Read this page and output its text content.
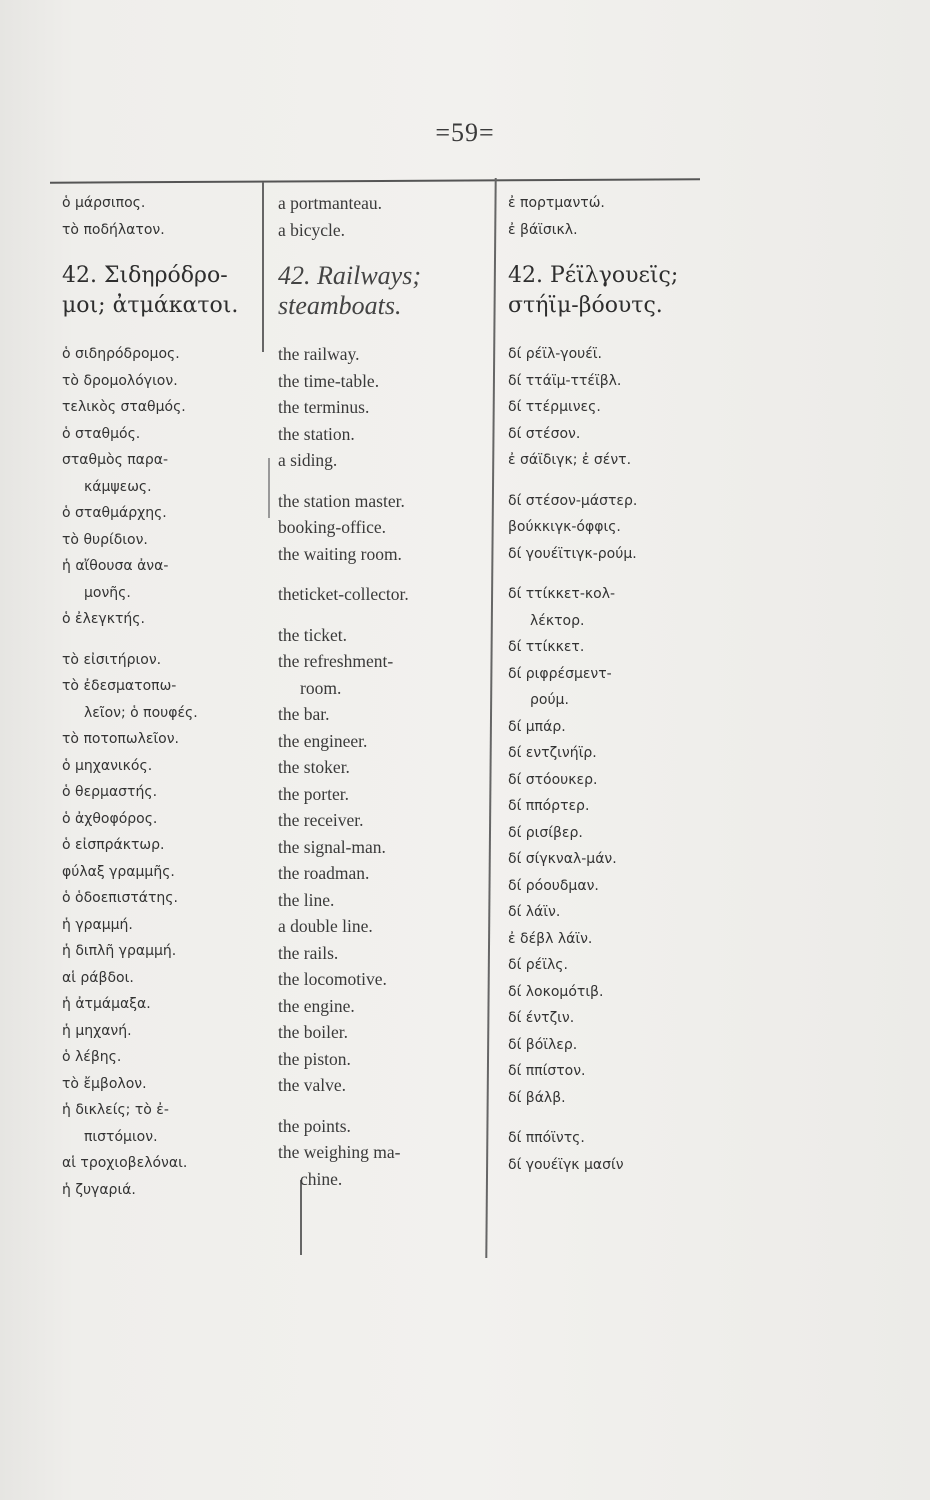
=59=
ὁ μάρσιπος.
τὸ ποδήλατον.
42. Σιδηρόδρο-
μοι; ἀτμάκατοι.
ὁ σιδηρόδρομος.
τὸ δρομολόγιον.
τελικὸς σταθμός.
ὁ σταθμός.
σταθμὸς παρα-
κάμψεως.
ὁ σταθμάρχης.
τὸ θυρίδιον.
ἡ αἴθουσα ἀνα-
μονῆς.
ὁ ἐλεγκτής.
τὸ εἰσιτήριον.
τὸ ἐδεσματοπω-
λεῖον; ὁ πουφές.
τὸ ποτοπωλεῖον.
ὁ μηχανικός.
ὁ θερμαστής.
ὁ ἀχθοφόρος.
ὁ εἰσπράκτωρ.
φύλαξ γραμμῆς.
ὁ ὁδοεπιστάτης.
ἡ γραμμή.
ἡ διπλῆ γραμμή.
αἱ ράβδοι.
ἡ ἀτμάμαξα.
ἡ μηχανή.
ὁ λέβης.
τὸ ἔμβολον.
ἡ δικλείς; τὸ ἐ-
πιστόμιον.
αἱ τροχιοβελόναι.
ἡ ζυγαριά.
a portmanteau.
a bicycle.
42. Railways;
steamboats.
the railway.
the time-table.
the terminus.
the station.
a siding.
the station master.
booking-office.
the waiting room.
theticket-collector.
the ticket.
the refreshment-
room.
the bar.
the engineer.
the stoker.
the porter.
the receiver.
the signal-man.
the roadman.
the line.
a double line.
the rails.
the locomotive.
the engine.
the boiler.
the piston.
the valve.
the points.
the weighing ma-
chine.
ἐ πορτμαντώ.
ἐ βάϊσικλ.
42. Ρέϊλγουεϊς;
στήϊμ-βόουτς.
δί ρέϊλ-γουέϊ.
δί ττάϊμ-ττέϊβλ.
δί ττέρμινες.
δί στέσον.
ἐ σάϊδιγκ; ἐ σέντ.
δί στέσον-μάστερ.
βούκκιγκ-όφφις.
δί γουέϊτιγκ-ρούμ.
δί ττίκκετ-κολ-
λέκτορ.
δί ττίκκετ.
δί ριφρέσμεντ-
ρούμ.
δί μπάρ.
δί εντζινήϊρ.
δί στόουκερ.
δί ππόρτερ.
δί ρισίβερ.
δί σίγκναλ-μάν.
δί ρόουδμαν.
δί λάϊν.
ἐ δέβλ λάϊν.
δί ρέϊλς.
δί λοκομότιβ.
δί έντζιν.
δί βόϊλερ.
δί ππίστον.
δί βάλβ.
δί ππόϊντς.
δί γουέϊγκ μασίν
